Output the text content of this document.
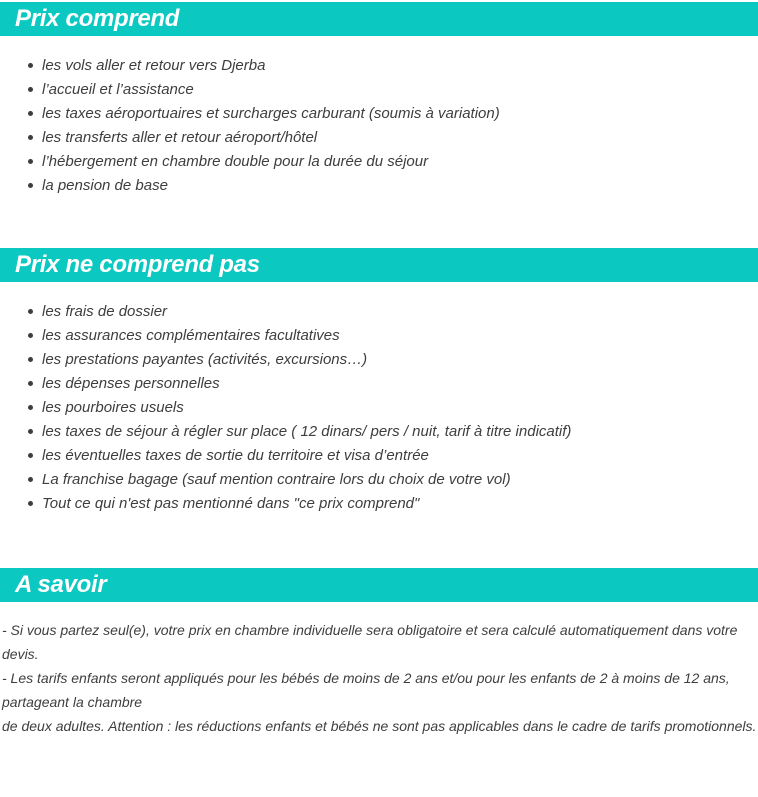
Prix comprend
les vols aller et retour vers Djerba
l’accueil et l’assistance
les taxes aéroportuaires et surcharges carburant (soumis à variation)
les transferts aller et retour aéroport/hôtel
l’hébergement en chambre double pour la durée du séjour
la pension de base
Prix ne comprend pas
les frais de dossier
les assurances complémentaires facultatives
les prestations payantes (activités, excursions…)
les dépenses personnelles
les pourboires usuels
les taxes de séjour à régler sur place ( 12 dinars/ pers / nuit, tarif à titre indicatif)
les éventuelles taxes de sortie du territoire et visa d’entrée
La franchise bagage (sauf mention contraire lors du choix de votre vol)
Tout ce qui n'est pas mentionné dans "ce prix comprend"
A savoir
- Si vous partez seul(e), votre prix en chambre individuelle sera obligatoire et sera calculé automatiquement dans votre
devis.
- Les tarifs enfants seront appliqués pour les bébés de moins de 2 ans et/ou pour les enfants de 2 à moins de 12 ans,
partageant la chambre
de deux adultes. Attention : les réductions enfants et bébés ne sont pas applicables dans le cadre de tarifs promotionnels.
